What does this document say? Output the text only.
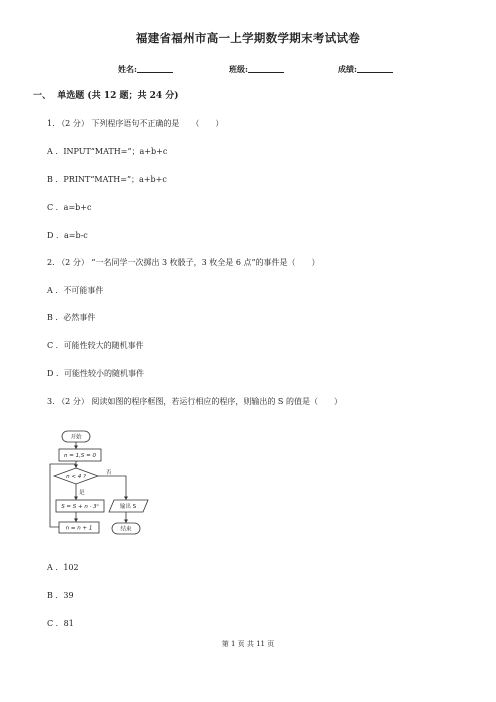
福建省福州市高一上学期数学期末考试试卷
姓名:	班级:	成绩:
一、 单选题 (共 12 题；共 24 分)
1. （2 分） 下列程序语句不正确的是　　（　　）
A ．INPUT“MATH=”；a+b+c
B ．PRINT“MATH=”；a+b+c
C ．a=b+c
D ．a=b-c
2. （2 分） “一名同学一次掷出 3 枚骰子，3 枚全是 6 点”的事件是（　　）
A ．不可能事件
B ．必然事件
C ．可能性较大的随机事件
D ．可能性较小的随机事件
3. （2 分） 阅读如图的程序框图，若运行相应的程序，则输出的 S 的值是（　　）
开始
n = 1,S = 0
n < 4 ?
否
是
S = S + n · 3ⁿ
n = n + 1
输出 S
结束
A ．102
B ．39
C ．81
第 1 页 共 11 页
